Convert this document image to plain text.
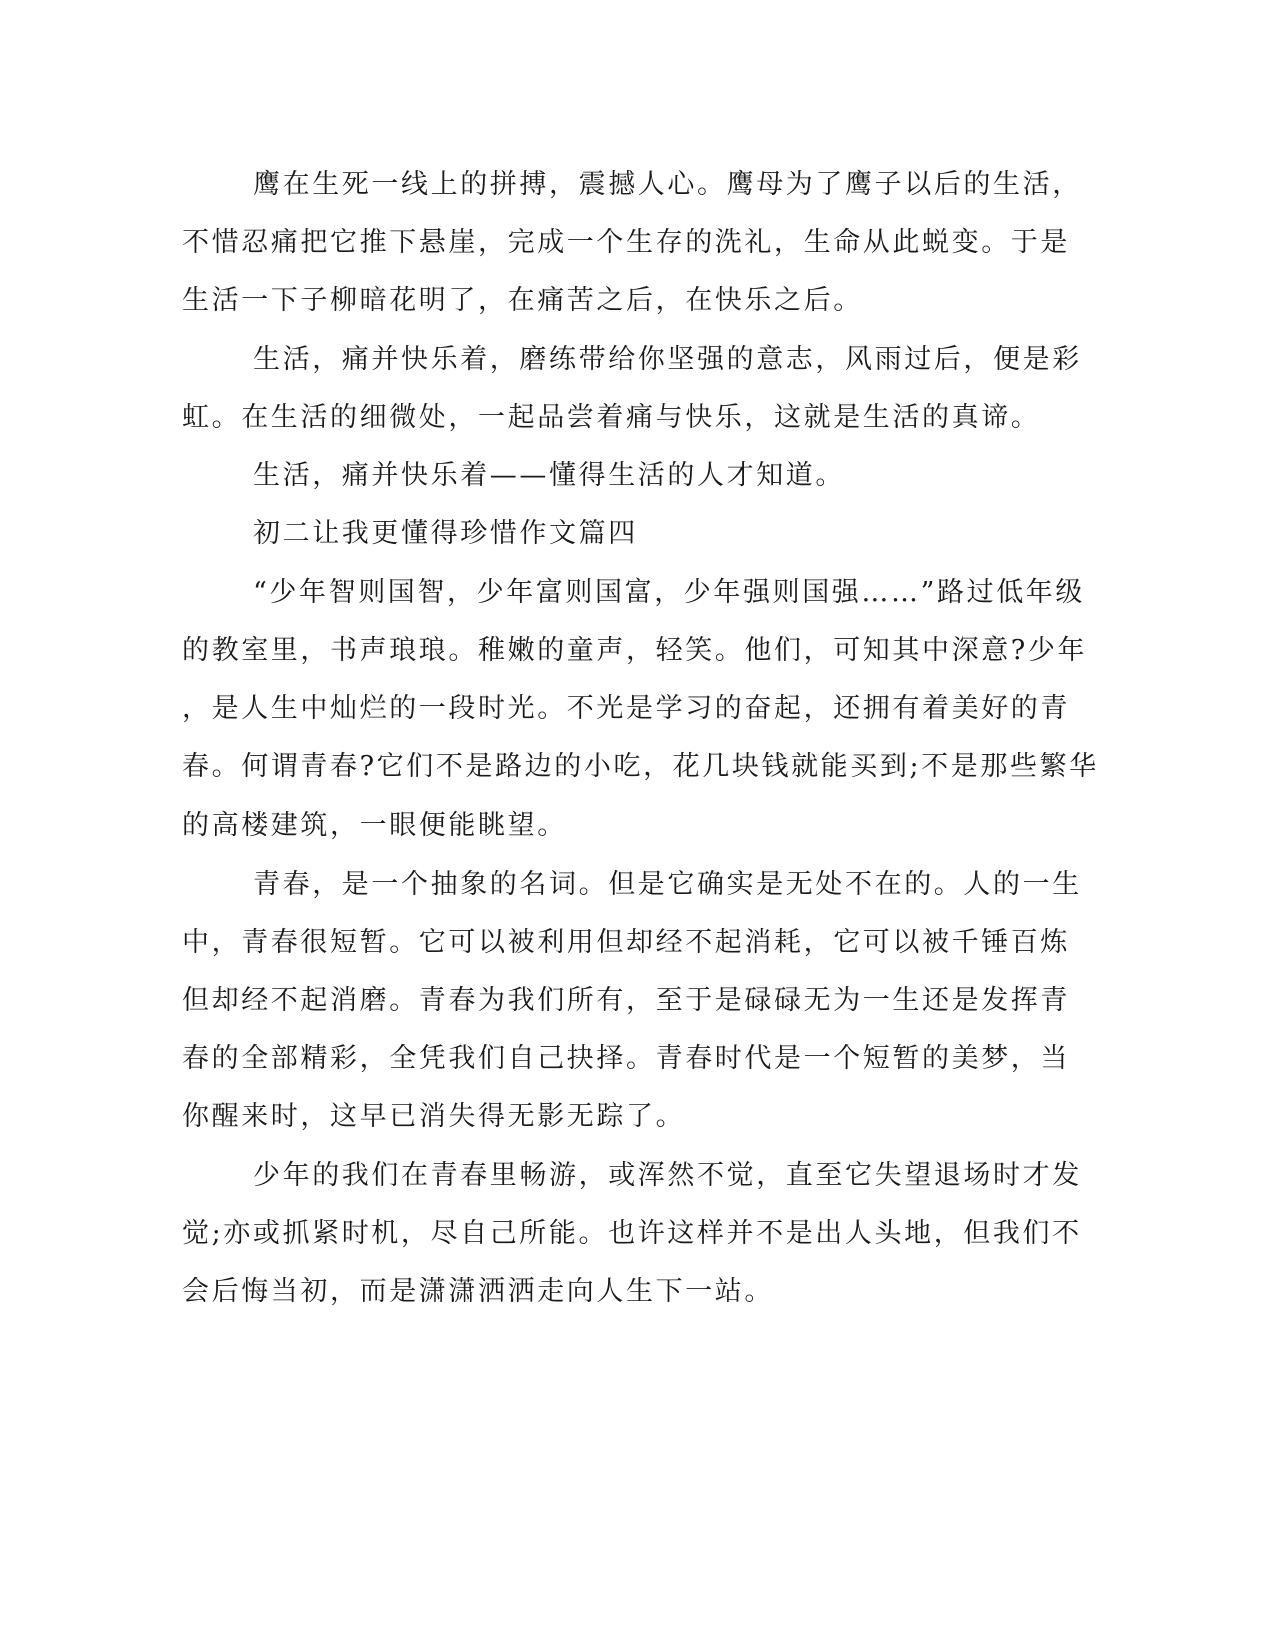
鹰在生死一线上的拼搏，震撼人心。鹰母为了鹰子以后的生活，
不惜忍痛把它推下悬崖，完成一个生存的洗礼，生命从此蜕变。于是
生活一下子柳暗花明了，在痛苦之后，在快乐之后。
生活，痛并快乐着，磨练带给你坚强的意志，风雨过后，便是彩
虹。在生活的细微处，一起品尝着痛与快乐，这就是生活的真谛。
生活，痛并快乐着——懂得生活的人才知道。
初二让我更懂得珍惜作文篇四
“少年智则国智，少年富则国富，少年强则国强……”路过低年级
的教室里，书声琅琅。稚嫩的童声，轻笑。他们，可知其中深意?少年
，是人生中灿烂的一段时光。不光是学习的奋起，还拥有着美好的青
春。何谓青春?它们不是路边的小吃，花几块钱就能买到;不是那些繁华
的高楼建筑，一眼便能眺望。
青春，是一个抽象的名词。但是它确实是无处不在的。人的一生
中，青春很短暂。它可以被利用但却经不起消耗，它可以被千锤百炼
但却经不起消磨。青春为我们所有，至于是碌碌无为一生还是发挥青
春的全部精彩，全凭我们自己抉择。青春时代是一个短暂的美梦，当
你醒来时，这早已消失得无影无踪了。
少年的我们在青春里畅游，或浑然不觉，直至它失望退场时才发
觉;亦或抓紧时机，尽自己所能。也许这样并不是出人头地，但我们不
会后悔当初，而是潇潇洒洒走向人生下一站。
